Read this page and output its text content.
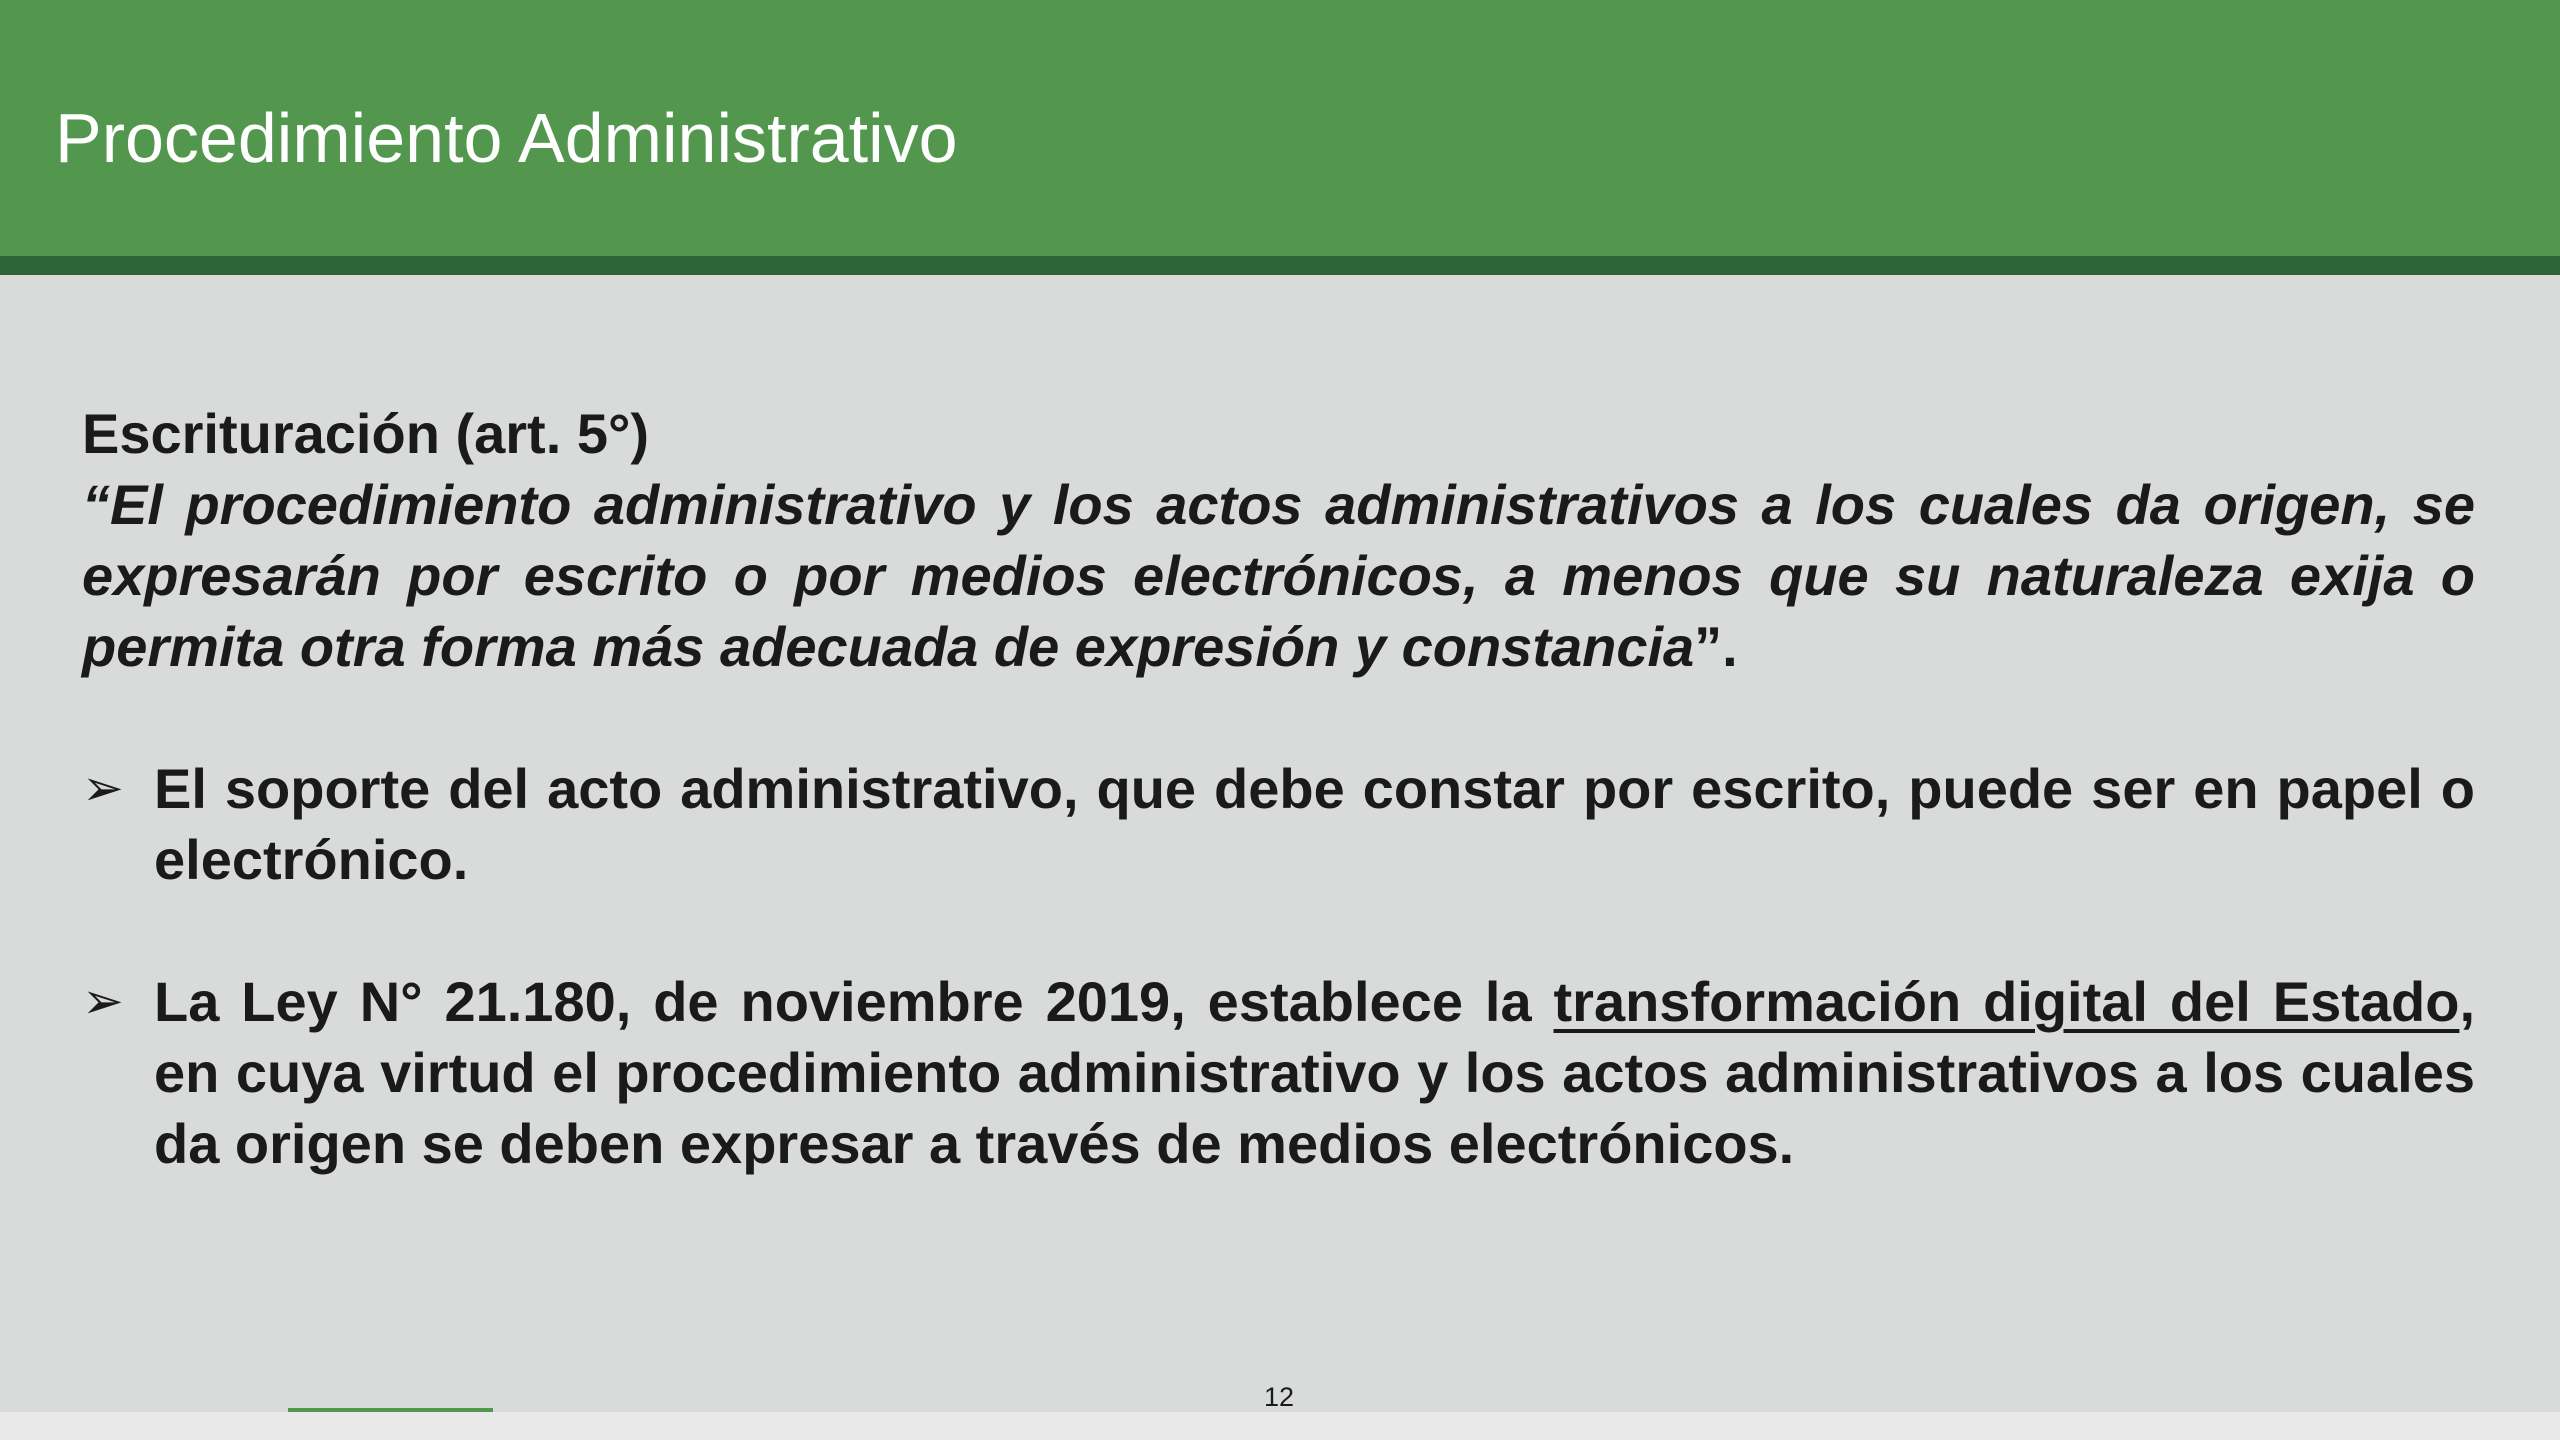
Procedimiento Administrativo
Escrituración (art. 5°)
“El procedimiento administrativo y los actos administrativos a los cuales da origen, se expresarán por escrito o por medios electrónicos, a menos que su naturaleza exija o permita otra forma más adecuada de expresión y constancia”.
➢ El soporte del acto administrativo, que debe constar por escrito, puede ser en papel o electrónico.
➢ La Ley N° 21.180, de noviembre 2019, establece la transformación digital del Estado, en cuya virtud el procedimiento administrativo y los actos administrativos a los cuales da origen se deben expresar a través de medios electrónicos.
12
